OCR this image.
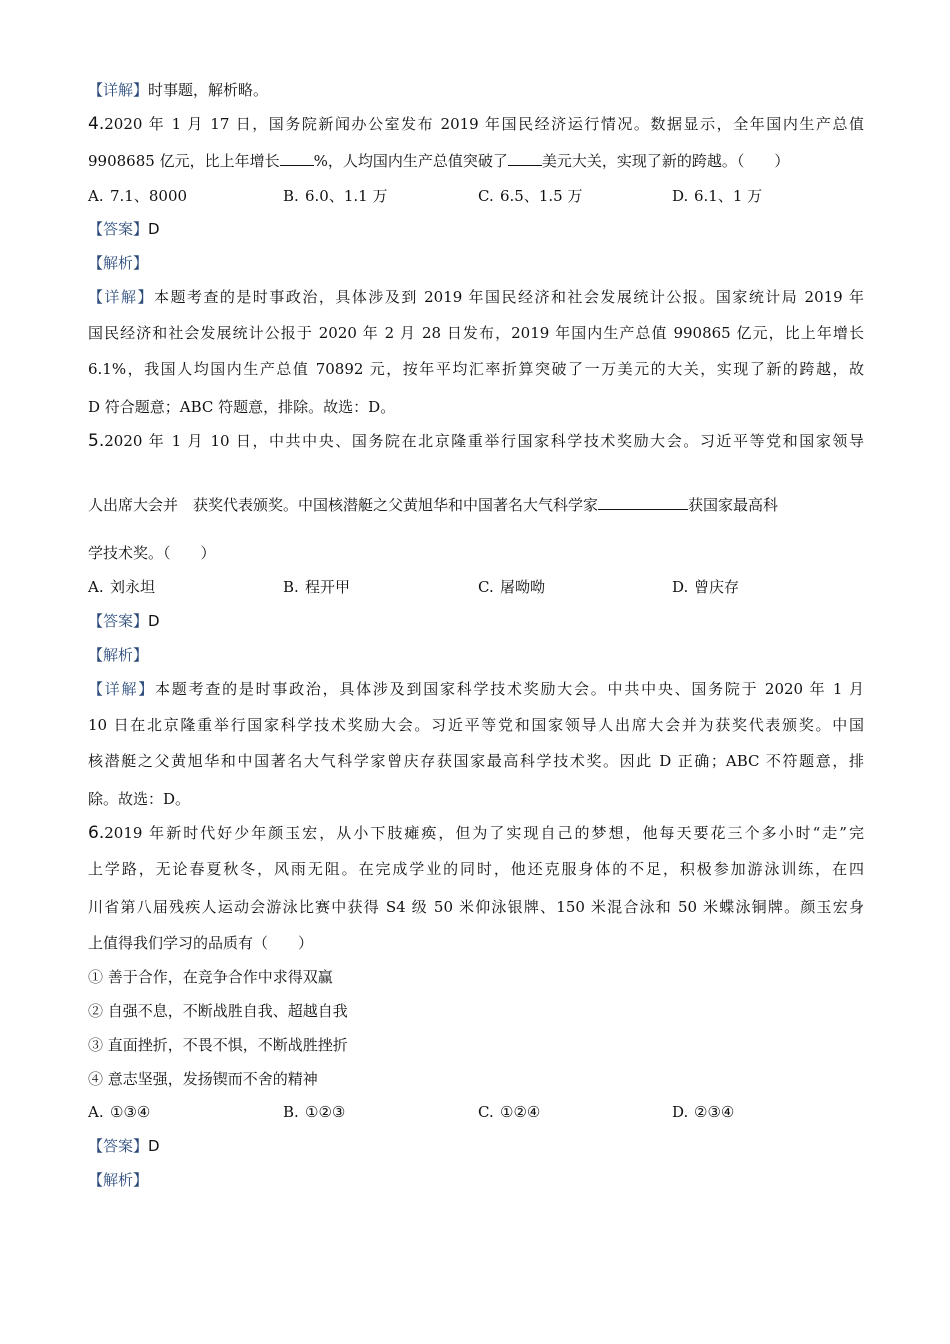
【详解】时事题，解析略。
4.2020 年 1 月 17 日，国务院新闻办公室发布 2019 年国民经济运行情况。数据显示，全年国内生产总值
9908685 亿元，比上年增长 %，人均国内生产总值突破了 美元大关，实现了新的跨越。（　　）
A. 7.1、8000	B. 6.0、1.1 万	C. 6.5、1.5 万	D. 6.1、1 万
【答案】D
【解析】
【详解】本题考查的是时事政治，具体涉及到 2019 年国民经济和社会发展统计公报。国家统计局 2019 年
国民经济和社会发展统计公报于 2020 年 2 月 28 日发布，2019 年国内生产总值 990865 亿元，比上年增长
6.1%，我国人均国内生产总值 70892 元，按年平均汇率折算突破了一万美元的大关，实现了新的跨越，故
D 符合题意；ABC 符题意，排除。故选：D。
5.2020 年 1 月 10 日，中共中央、国务院在北京隆重举行国家科学技术奖励大会。习近平等党和国家领导
人出席大会并　获奖代表颁奖。中国核潜艇之父黄旭华和中国著名大气科学家	获国家最高科
学技术奖。（　　）
A. 刘永坦	B. 程开甲	C. 屠呦呦	D. 曾庆存
【答案】D
【解析】
【详解】本题考查的是时事政治，具体涉及到国家科学技术奖励大会。中共中央、国务院于 2020 年 1 月
10 日在北京隆重举行国家科学技术奖励大会。习近平等党和国家领导人出席大会并为获奖代表颁奖。中国
核潜艇之父黄旭华和中国著名大气科学家曾庆存获国家最高科学技术奖。因此 D 正确；ABC 不符题意，排
除。故选：D。
6.2019 年新时代好少年颜玉宏，从小下肢瘫痪，但为了实现自己的梦想，他每天要花三个多小时“走”完
上学路，无论春夏秋冬，风雨无阻。在完成学业的同时，他还克服身体的不足，积极参加游泳训练，在四
川省第八届残疾人运动会游泳比赛中获得 S4 级 50 米仰泳银牌、150 米混合泳和 50 米蝶泳铜牌。颜玉宏身
上值得我们学习的品质有（　　）
① 善于合作，在竞争合作中求得双赢
② 自强不息，不断战胜自我、超越自我
③ 直面挫折，不畏不惧，不断战胜挫折
④ 意志坚强，发扬锲而不舍的精神
A. ①③④	B. ①②③	C. ①②④	D. ②③④
【答案】D
【解析】
